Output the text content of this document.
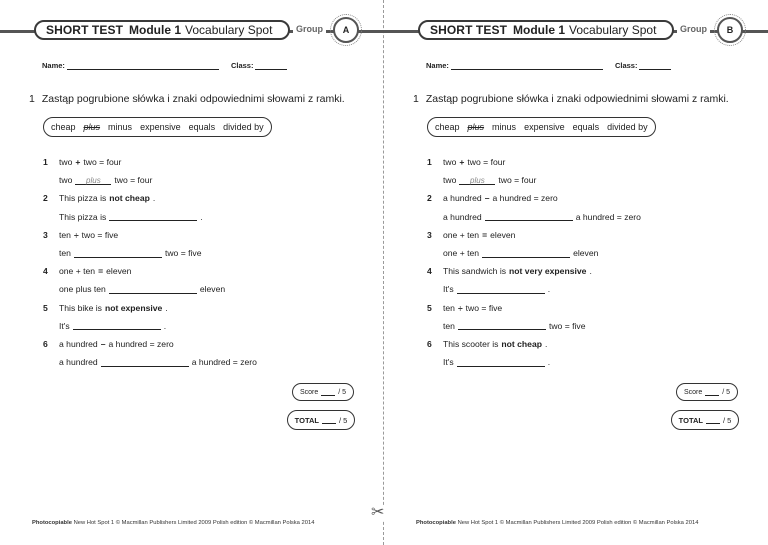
✂
SHORT TEST Module 1 Vocabulary Spot	Group	A
Name:	Class:
1 Zastąp pogrubione słówka i znaki odpowiednimi słowami z ramki.
cheap plus minus expensive equals divided by
1	two + two = four
two	plus	two = four
2	This pizza is not cheap .
This pizza is	.
3	ten ÷ two = five
ten	two = five
4	one + ten = eleven
one plus ten	eleven
5	This bike is not expensive .
It's	.
6	a hundred – a hundred = zero
a hundred	a hundred = zero
Score	/ 5
TOTAL	/ 5
Photocopiable New Hot Spot 1 © Macmillan Publishers Limited 2009 Polish edition © Macmillan Polska 2014
SHORT TEST Module 1 Vocabulary Spot	Group	B
Name:	Class:
1 Zastąp pogrubione słówka i znaki odpowiednimi słowami z ramki.
cheap plus minus expensive equals divided by
1	two + two = four
two	plus	two = four
2	a hundred – a hundred = zero
a hundred	a hundred = zero
3	one + ten = eleven
one + ten	eleven
4	This sandwich is not very expensive .
It's	.
5	ten ÷ two = five
ten	two = five
6	This scooter is not cheap .
It's	.
Score	/ 5
TOTAL	/ 5
Photocopiable New Hot Spot 1 © Macmillan Publishers Limited 2009 Polish edition © Macmillan Polska 2014
